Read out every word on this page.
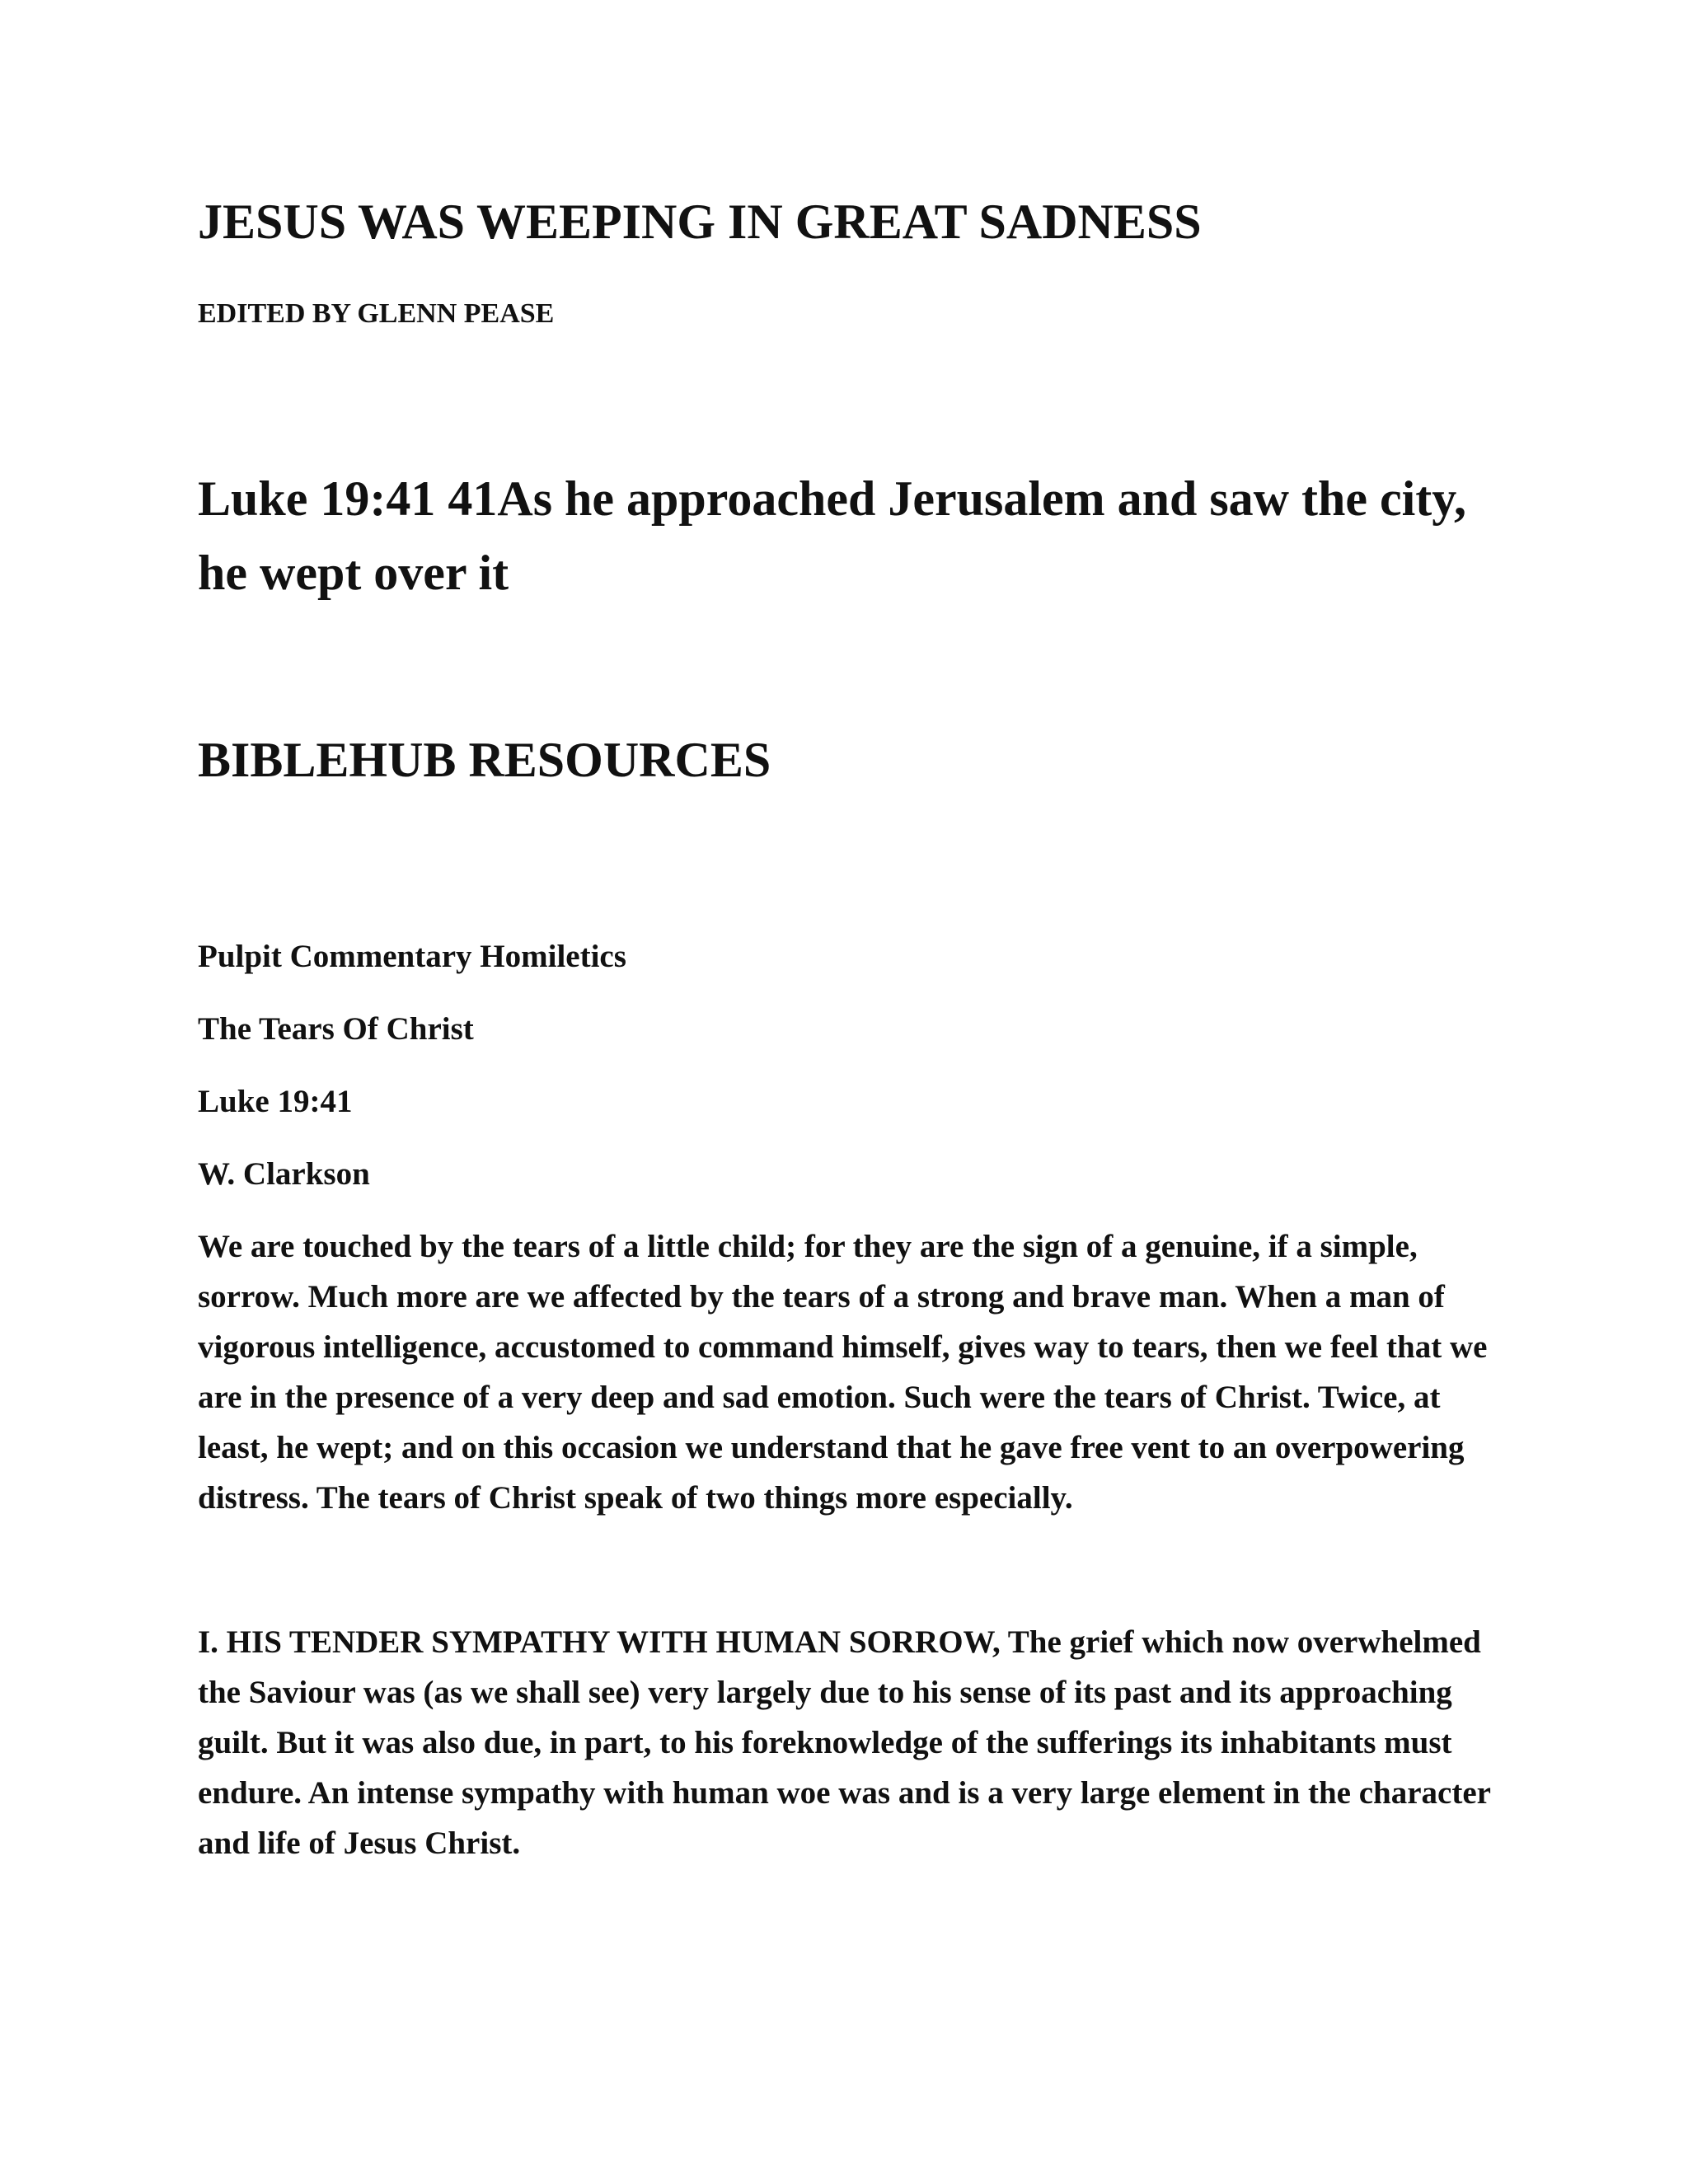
JESUS WAS WEEPING IN GREAT SADNESS
EDITED BY GLENN PEASE
Luke 19:41 41As he approached Jerusalem and saw the city, he wept over it
BIBLEHUB RESOURCES
Pulpit Commentary Homiletics
The Tears Of Christ
Luke 19:41
W. Clarkson

We are touched by the tears of a little child; for they are the sign of a genuine, if a simple, sorrow. Much more are we affected by the tears of a strong and brave man. When a man of vigorous intelligence, accustomed to command himself, gives way to tears, then we feel that we are in the presence of a very deep and sad emotion. Such were the tears of Christ. Twice, at least, he wept; and on this occasion we understand that he gave free vent to an overpowering distress. The tears of Christ speak of two things more especially.

I. HIS TENDER SYMPATHY WITH HUMAN SORROW, The grief which now overwhelmed the Saviour was (as we shall see) very largely due to his sense of its past and its approaching guilt. But it was also due, in part, to his foreknowledge of the sufferings its inhabitants must endure. An intense sympathy with human woe was and is a very large element in the character and life of Jesus Christ.
